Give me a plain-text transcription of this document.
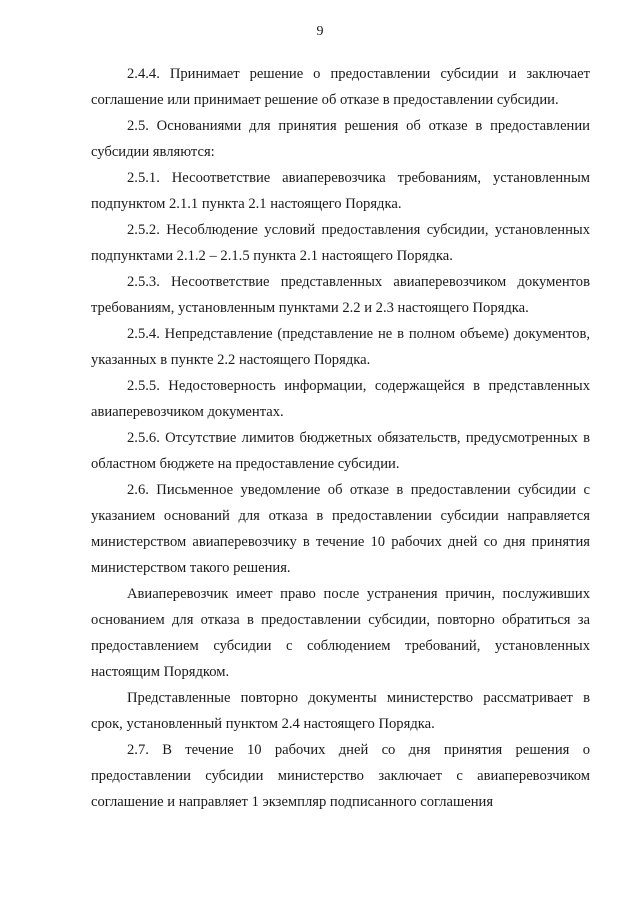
9

2.4.4. Принимает решение о предоставлении субсидии и заключает соглашение или принимает решение об отказе в предоставлении субсидии.

2.5. Основаниями для принятия решения об отказе в предоставлении субсидии являются:

2.5.1. Несоответствие авиаперевозчика требованиям, установленным подпунктом 2.1.1 пункта 2.1 настоящего Порядка.

2.5.2. Несоблюдение условий предоставления субсидии, установленных подпунктами 2.1.2 – 2.1.5 пункта 2.1 настоящего Порядка.

2.5.3. Несоответствие представленных авиаперевозчиком документов требованиям, установленным пунктами 2.2 и 2.3 настоящего Порядка.

2.5.4. Непредставление (представление не в полном объеме) документов, указанных в пункте 2.2 настоящего Порядка.

2.5.5. Недостоверность информации, содержащейся в представленных авиаперевозчиком документах.

2.5.6. Отсутствие лимитов бюджетных обязательств, предусмотренных в областном бюджете на предоставление субсидии.

2.6. Письменное уведомление об отказе в предоставлении субсидии с указанием оснований для отказа в предоставлении субсидии направляется министерством авиаперевозчику в течение 10 рабочих дней со дня принятия министерством такого решения.

Авиаперевозчик имеет право после устранения причин, послуживших основанием для отказа в предоставлении субсидии, повторно обратиться за предоставлением субсидии с соблюдением требований, установленных настоящим Порядком.

Представленные повторно документы министерство рассматривает в срок, установленный пунктом 2.4 настоящего Порядка.

2.7. В течение 10 рабочих дней со дня принятия решения о предоставлении субсидии министерство заключает с авиаперевозчиком соглашение и направляет 1 экземпляр подписанного соглашения
